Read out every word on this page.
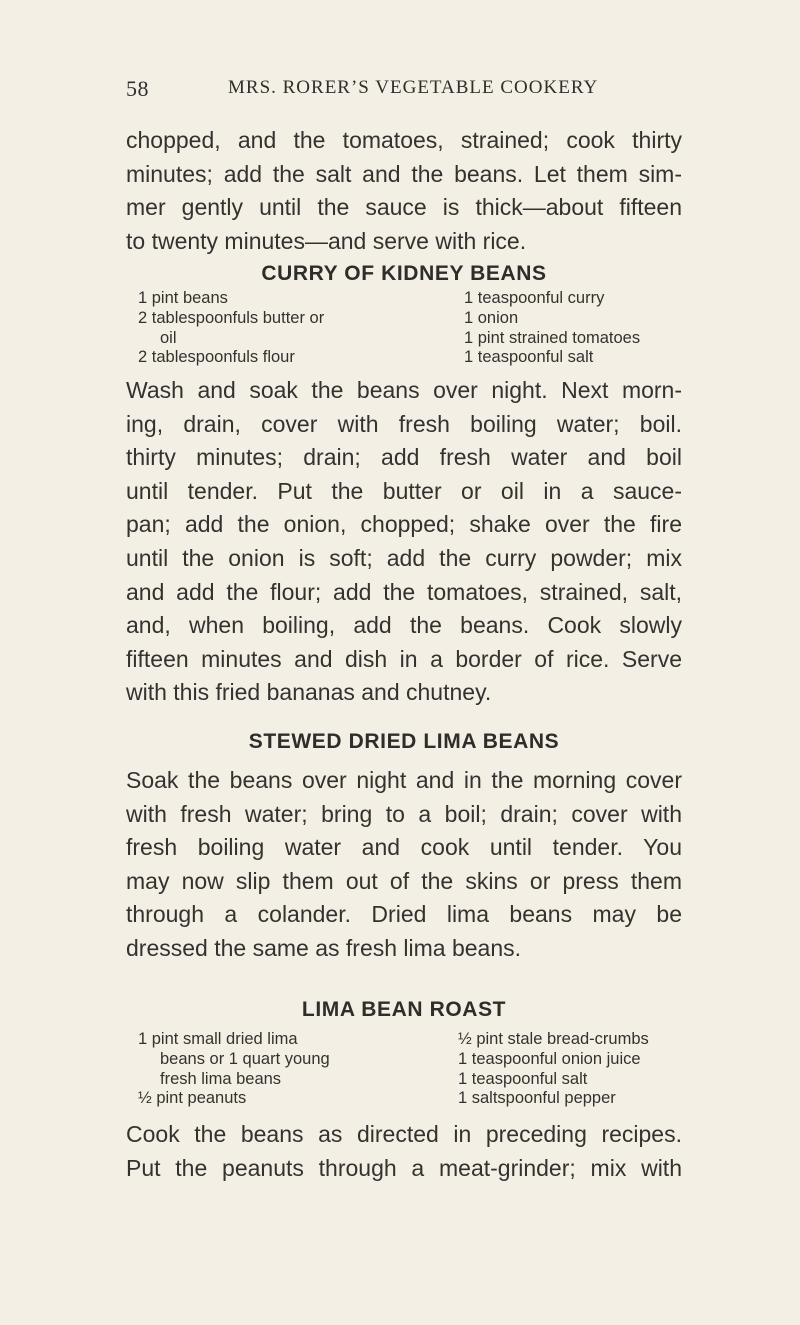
58	MRS. RORER’S VEGETABLE COOKERY
chopped, and the tomatoes, strained; cook thirty
minutes; add the salt and the beans. Let them sim-
mer gently until the sauce is thick—about fifteen
to twenty minutes—and serve with rice.
CURRY OF KIDNEY BEANS
1 pint beans
2 tablespoonfuls butter or
oil
2 tablespoonfuls flour
1 teaspoonful curry
1 onion
1 pint strained tomatoes
1 teaspoonful salt
Wash and soak the beans over night. Next morn-
ing, drain, cover with fresh boiling water; boil.
thirty minutes; drain; add fresh water and boil
until tender. Put the butter or oil in a sauce-
pan; add the onion, chopped; shake over the fire
until the onion is soft; add the curry powder; mix
and add the flour; add the tomatoes, strained, salt,
and, when boiling, add the beans. Cook slowly
fifteen minutes and dish in a border of rice. Serve
with this fried bananas and chutney.
STEWED DRIED LIMA BEANS
Soak the beans over night and in the morning cover
with fresh water; bring to a boil; drain; cover with
fresh boiling water and cook until tender. You
may now slip them out of the skins or press them
through a colander. Dried lima beans may be
dressed the same as fresh lima beans.
LIMA BEAN ROAST
1 pint small dried lima
beans or 1 quart young
fresh lima beans
½ pint peanuts
½ pint stale bread-crumbs
1 teaspoonful onion juice
1 teaspoonful salt
1 saltspoonful pepper
Cook the beans as directed in preceding recipes.
Put the peanuts through a meat-grinder; mix with
